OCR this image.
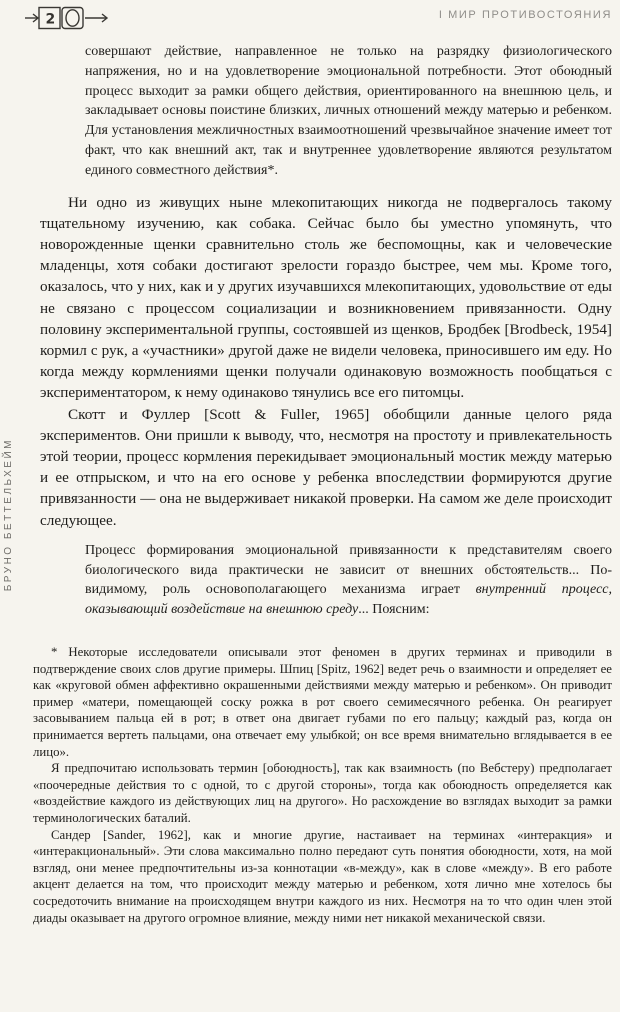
2	І МИР ПРОТИВОСТОЯНИЯ
БРУНО БЕТТЕЛЬХЕЙМ

совершают действие, направленное не только на разрядку физиологического напряжения, но и на удовлетворение эмоциональной потребности. Этот обоюдный процесс выходит за рамки общего действия, ориентированного на внешнюю цель, и закладывает основы поистине близких, личных отношений между матерью и ребенком. Для установления межличностных взаимоотношений чрезвычайное значение имеет тот факт, что как внешний акт, так и внутреннее удовлетворение являются результатом единого совместного действия*.

Ни одно из живущих ныне млекопитающих никогда не подвергалось такому тщательному изучению, как собака. Сейчас было бы уместно упомянуть, что новорожденные щенки сравнительно столь же беспомощны, как и человеческие младенцы, хотя собаки достигают зрелости гораздо быстрее, чем мы. Кроме того, оказалось, что у них, как и у других изучавшихся млекопитающих, удовольствие от еды не связано с процессом социализации и возникновением привязанности. Одну половину экспериментальной группы, состоявшей из щенков, Бродбек [Brodbeck, 1954] кормил с рук, а «участники» другой даже не видели человека, приносившего им еду. Но когда между кормлениями щенки получали одинаковую возможность пообщаться с экспериментатором, к нему одинаково тянулись все его питомцы.

Скотт и Фуллер [Scott & Fuller, 1965] обобщили данные целого ряда экспериментов. Они пришли к выводу, что, несмотря на простоту и привлекательность этой теории, процесс кормления перекидывает эмоциональный мостик между матерью и ее отпрыском, и что на его основе у ребенка впоследствии формируются другие привязанности — она не выдерживает никакой проверки. На самом же деле происходит следующее.

Процесс формирования эмоциональной привязанности к представителям своего биологического вида практически не зависит от внешних обстоятельств... По-видимому, роль основополагающего механизма играет внутренний процесс, оказывающий воздействие на внешнюю среду... Поясним:

* Некоторые исследователи описывали этот феномен в других терминах и приводили в подтверждение своих слов другие примеры. Шпиц [Spitz, 1962] ведет речь о взаимности и определяет ее как «круговой обмен аффективно окрашенными действиями между матерью и ребенком». Он приводит пример «матери, помещающей соску рожка в рот своего семимесячного ребенка. Он реагирует засовыванием пальца ей в рот; в ответ она двигает губами по его пальцу; каждый раз, когда он принимается вертеть пальцами, она отвечает ему улыбкой; он все время внимательно вглядывается в ее лицо».

Я предпочитаю использовать термин [обоюдность], так как взаимность (по Вебстеру) предполагает «поочередные действия то с одной, то с другой стороны», тогда как обоюдность определяется как «воздействие каждого из действующих лиц на другого». Но расхождение во взглядах выходит за рамки терминологических баталий.

Сандер [Sander, 1962], как и многие другие, настаивает на терминах «интеракция» и «интеракциональный». Эти слова максимально полно передают суть понятия обоюдности, хотя, на мой взгляд, они менее предпочтительны из-за коннотации «в-между», как в слове «между». В его работе акцент делается на том, что происходит между матерью и ребенком, хотя лично мне хотелось бы сосредоточить внимание на происходящем внутри каждого из них. Несмотря на то что один член этой диады оказывает на другого огромное влияние, между ними нет никакой механической связи.
